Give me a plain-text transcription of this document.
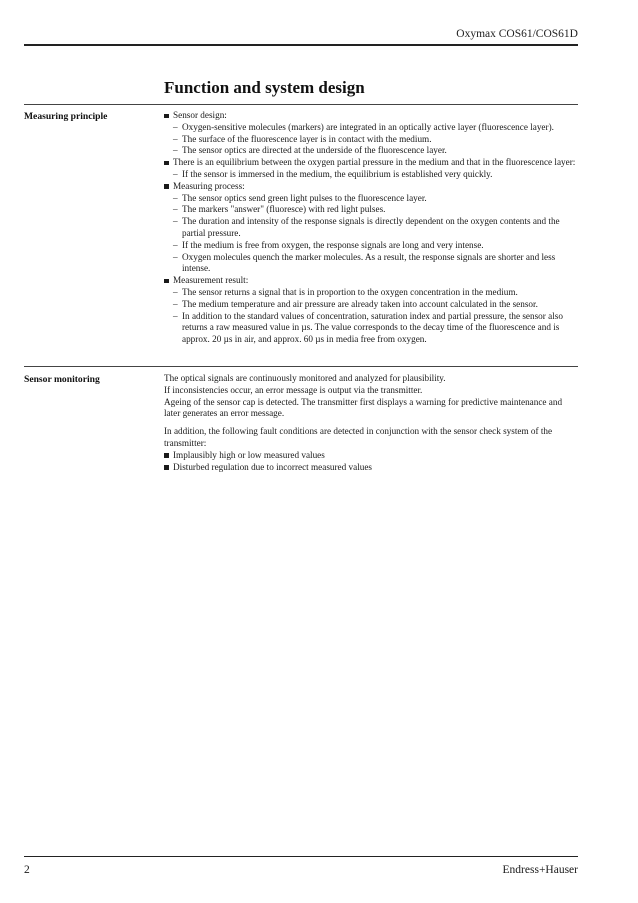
Oxymax COS61/COS61D
Function and system design
Measuring principle	Sensor design:
– Oxygen-sensitive molecules (markers) are integrated in an optically active layer (fluorescence layer).
– The surface of the fluorescence layer is in contact with the medium.
– The sensor optics are directed at the underside of the fluorescence layer.
There is an equilibrium between the oxygen partial pressure in the medium and that in the fluorescence layer:
– If the sensor is immersed in the medium, the equilibrium is established very quickly.
Measuring process:
– The sensor optics send green light pulses to the fluorescence layer.
– The markers "answer" (fluoresce) with red light pulses.
– The duration and intensity of the response signals is directly dependent on the oxygen contents and the partial pressure.
– If the medium is free from oxygen, the response signals are long and very intense.
– Oxygen molecules quench the marker molecules. As a result, the response signals are shorter and less intense.
Measurement result:
– The sensor returns a signal that is in proportion to the oxygen concentration in the medium.
– The medium temperature and air pressure are already taken into account calculated in the sensor.
– In addition to the standard values of concentration, saturation index and partial pressure, the sensor also returns a raw measured value in µs. The value corresponds to the decay time of the fluorescence and is approx. 20 µs in air, and approx. 60 µs in media free from oxygen.
Sensor monitoring	The optical signals are continuously monitored and analyzed for plausibility.
If inconsistencies occur, an error message is output via the transmitter.
Ageing of the sensor cap is detected. The transmitter first displays a warning for predictive maintenance and later generates an error message.
In addition, the following fault conditions are detected in conjunction with the sensor check system of the transmitter:
Implausibly high or low measured values
Disturbed regulation due to incorrect measured values
2	Endress+Hauser
